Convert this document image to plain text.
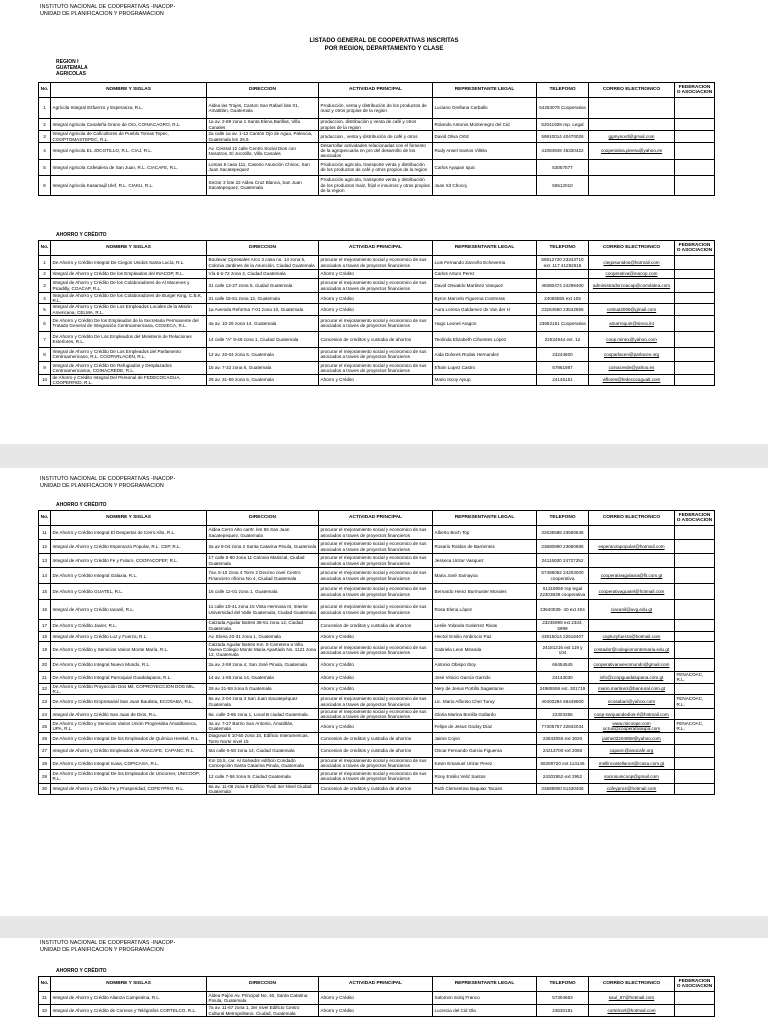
INSTITUTO NACIONAL DE COOPERATIVAS -INACOP-
UNIDAD DE PLANIFICACION Y PROGRAMACION
LISTADO GENERAL DE COOPERATIVAS INSCRITAS
POR REGION, DEPARTAMENTO Y CLASE
REGION I
GUATEMALA
AGRICOLAS
No.	NOMBRE Y SIGLAS	DIRECCION	ACTIVIDAD PRINCIPAL	REPRESENTANTE LEGAL	TELEFONO	CORREO ELECTRONICO	FEDERACION O ASOCIACION
1	Agrícola Integral Esfuerzo y Esperanza, R.L.	Aldea las Trojes, Canton San Rafael lote 01, Amatitlán, Guatemala	Producción, venta y distribución de los productos de maiz y otros propios de la region	Luciano Orellana Carballo	54283078 Cooperativa		
2	Integral Agricola Canaleña Grano de Oro, COINACAGRO, R.L.	1a av. 2-89 zona 1 Santa Elena Barillas, Villa Canales	produccion, distribución y venta de café y otros propios de la region	Rolando Antonio Montenegro del Cid	52041928 rep. Legal		
3	Integral Agricola de Caficultores de Pueblo Tomas Tepec, COOPTOMASTEPEC, R.L.	2a calle 1a av. 1-12 Cantón Ojo de Agua, Palencia, Guatemala km 26.5	produccion , venta y distribución de café y otros	David Oliva Ortiz	59910014 40470026	ggmynord@gmail.com	
4	Integral Agricola EL JOCOTILLO, R.L. CIAJ, R.L.	Av. Central 12 calle Centro Social Dios con Nosotros, El Jocotillo, Villa Canales	Desarrollar actividades relacionadas con el fomento de la agropecuaria en pro del desarrollo de los asociados	Rudy Ansel Santos Villela	41084849 45330422	cooperativa.pinera@yahoo.es	
5	Integral Agricola Cafetalera de San Juan, R.L. CIACAFE, R.L.	Lomas 8 casa 111, Caserio Asunción Chivoc, San Juan Sacatepequez	Producción agricola, transporte venta y distribución de los productos de café y otros propios de la region	Carlos Ayapan Iquic	53057577		
6	Integral Agricola Kasamajil Ulef, R.L. CIAKU, R.L.	Sector 3 lote 22 Aldea Cruz Blanca, San Juan Sacatepequez, Guatemala	Producción agricola, transporte venta y distribución de los productos maiz, frijol e insumos y otros propios de la region	Juan Xit Chocoj	55512010		
AHORRO Y CRÉDITO
No.	NOMBRE Y SIGLAS	DIRECCION	ACTIVIDAD PRINCIPAL	REPRESENTANTE LEGAL	TELEFONO	CORREO ELECTRONICO	FEDERACION O ASOCIACION
1	De Ahorro y Crédito Integral De Ciegos Unidos Santa Lucía, R.L.	Boulevar Cipresales Arco 3 casa no. 14 zona 5, Colonia Jardines de la Asunción, Ciudad Guatemala	procurar el mejoramiento social y economico de sus asociados a traves de proyectos financieros	Luis Fernando Zarceño Echeverria	55912720 23343710 ext. 117 41282616	ciegosunidos@hotmail.com	
2	Integral de Ahorro y Crédito De los Empleados del INACOP, R.L.	Vía 6 6-72 zona 4, Ciudad Guatemala	Ahorro y Crédito	Carlos Arturo Perez		cooperativa@inacop.com	
3	Integral de Ahorro y Crédito De los Colaboradores de Al Macenes y Picadilly, COACAP, R.L.	31 calle 13-27 zona 5, ciudad Guatemala	procurar el mejoramiento social y economico de sus asociados a traves de proyectos financieros	David Oswaldo Martinez Vasquez	48380474 24296400	administradorcoacap@comdalea.com	
4	Integral de Ahorro y Crédito De los Colaboradores de Burger King, C.B.K, R.L.	31 calle 15-51 zona 12, Guatemala	Ahorro y Crédito	Byron Marcelo Figueroa Contreras	24055555 ext 106		
5	Integral de Ahorro y Crédito De Los Empleados Locales de la Misión Americana, CELMA, R.L.	1a Avenida Reforma 7-01 zona 10, Guatemala	Ahorro y Crédito	Aura Lorena Galdamez de Van der H	23264560 23542855	celmat2008@gmail.com	
6	De Ahorro y Crédito De los Empleados de la Secretaria Permanente del Tratado General de Integración Centroamericana, COSIECA, R.L.	4a av. 10-25 zona 14, Guatemala	procurar el mejoramiento social y economico de sus asociados a traves de proyectos financieros	Hugo Leonel Aragon	23682151 Cooperativa	amarroquin@sieca.int	
7	De Ahorro y Crédito De Los Empleados del Ministerio de Relaciones Exteriores, R.L.	14 calle "A" 9-49 zona 1, Ciudad Guatemala	Concesion de creditos y custodia de ahorros	Teolinda Elizabeth Cifuentes López	22534944 ext. 12	coop.minex@yahoo.com	
8	Integral de Ahorro y Crédito De Los Empleados del Parlamento Centroamericano, R.L. COOPARLACEN, R.L.	12 av. 33-04 zona 5, Guatemala	procurar el mejoramiento social y economico de sus asociados a traves de proyectos financieros	Aida Dolores Rodas Hernandez	24244600	cooparlacen@parlacen.org	
9	Integral de Ahorro y Crédito De Refugiados y Desplazados Centroamericanos, COINACREDE, R.L.	15 av. 7-32 zona 6, Guatemala	procurar el mejoramiento social y economico de sus asociados a traves de proyectos financieros	Efrain Lopez Castro	57961987	coinacrede@yahoo.es	
10	de Ahorro y Crédito Integral Del Personal de FEDECOCAGUA, COOPERFED, R.L.	29 av. 31-59 zona 5, Guatemala	Ahorro y Crédito	Mario Iscoy Ajsup	24145151	wflores@fedecocaguatl.com	
INSTITUTO NACIONAL DE COOPERATIVAS -INACOP-
UNIDAD DE PLANIFICACION Y PROGRAMACION
AHORRO Y CRÉDITO
No.	NOMBRE Y SIGLAS	DIRECCION	ACTIVIDAD PRINCIPAL	REPRESENTANTE LEGAL	TELEFONO	CORREO ELECTRONICO	FEDERACION O ASOCIACION
11	De Ahorro y Crédito Integral El Despertar de Cerro Alto, R.L.	Aldea Cerro Alto carrtr. km 55 San Juan Sacatepequez, Guatemala	procurar el mejoramiento social y economico de sus asociados a traves de proyectos financieros	Alberto Boch Top	32635586 23580846		
12	Integral de Ahorro y Crédito Esperanza Popular, R.L. CEP, R.L.	3a av 9-04 zona 2 Santa Catarina Pinula, Guatemala	procurar el mejoramiento social y economico de sus asociados a traves de proyectos financieros	Rosario Roldan de Barrientos	23680890 23680885	esperanzapopular@hotmail.com	
13	Integral de Ahorro y Crédito Fe y Futuro, COOFACOFEF, R.L.	17 calle 5-90 zona 11 Colonia Mariscal, Ciudad Guatemala	procurar el mejoramiento social y economico de sus asociados a traves de proyectos financieros	Jesseca Urizar Vasquez	24115000 24727252		
14	De Ahorro y Crédito Integral Galaxia, R.L.	7av. 5-10 zona 4 Torre 2 Decimo nivel Centro Financiero oficina No 4, Ciudad Guatemala	procurar el mejoramiento social y economico de sus asociados a traves de proyectos financieros	Maria José Samayoa	57488092 24203000 cooperativa	cooperativagalaxia@fit.com.gt	
15	De Ahorro y Crédito GUATEL, R.L.	16 calle 12-01 zona 1, Guatemala	procurar el mejoramiento social y economico de sus asociados a traves de proyectos financieros	Bernardo Heinz Burmuster Morales	51319050 rep legal 22303839 cooperativa	cooperativaguatel@hotmail.com	
16	Integral de Ahorro y Crédito Iacanil, R.L.	11 calle 10-41 zona 15 Vista Hermosa III, Interior Universidad del Valle Guatemala, Ciudad Guatemala	procurar el mejoramiento social y economico de sus asociados a traves de proyectos financieros	Rosa Elena López	23640036- 40 ext 404	ciacanil@uvg.edu.gt	
17	De Ahorro y Crédito Javier, R.L.	Calzada Aguilar Batres 38-51 zona 12, Ciudad Guatemala.	Concesion de creditos y custodia de ahorros	Leslie Yolanda Gutierrez Rivas	23245999 ext 2334, 5999		
18	Integral de Ahorro y Crédito Luz y Fuerza, R.L.	Av. Elena 20-31 zona 1, Guatemala	Ahorro y Crédito	Hector Emilio Ambrocio Paz	43915014 22516407	copluzyfuerza@hotmail.com	
19	De Ahorro y Crédito y Servicios Varios Monte María, R.L.	Calzada Aguilar Batres Km. 9 Carretera a Villa Nueva Colegio Monte Maria Apartado No. 1121 zona 12, Guatemala	procurar el mejoramiento social y economico de sus asociados a traves de proyectos financieros	Gabriela Leon Miranda	24181216 ext 119 y 104	contador@colegiomontemaria.edu.gt	
20	De Ahorro y Crédito Integral Nuevo Mundo, R.L.	2a av. 2-59 zona 4, San José Pinula, Guatemala	Ahorro y Crédito	Antonio Obispo Iboy	66454545	cooperativanuevomundo@gmail.com	
21	De Ahorro y Crédito Integral Parroquial Guadalupana, R.L.	14 av. 1-65 zona 14, Guatemala	Ahorro y Crédito	José Vinicio García Garrido	24143030	info@coopguadalupana.com.gt	FENACOAC, R.L.
22	De Ahorro y Crédito Proyección Dos Mil, COPROYECCION DOS MIL, R.L.	29 av 31-59 zona 5 Guatemala	Ahorro y Crédito	Nery de Jesus Portillo Sagastume	24985558 ext. 301719	mario.martinez@banrural.com.gt	
23	De Ahorro y Crédito Empresarial San Juan Bautista, ECOSABA, R.L.	8a av. 2-04 zona 3 San Juan Sacatepéquez Guatemala	procurar el mejoramiento social y economico de sus asociados a traves de proyectos financieros	Lic. Mario Alfonso Chet Turuy	40400294 66449500	ecosabari@yahoo.com	FENACOAC, R.L.
24	Integral de Ahorro y Crédito San Juan de Dios, R.L.	8a. calle 3-66 zona 1, Local B ciudad Guatemala.	procurar el mejoramiento social y economico de sus asociados a traves de proyectos financieros	Gloria Marina Bonilla Gallardo	22303356	coop-sanjuandedios-rl@hotmail.com	
25	De Ahorro y Crédito y Servicios Varios Unión Progresista Amatitlaneca, UPA, R.L.	3a av. 7-27 Barrio San Antonio, Amatitlán, Guatemala	Ahorro y Crédito	Felipe de Jesus Godoy Díaz	77305757 22842034	www.micoope.com ocrus@cooperativaupa.com	FENACOAC, R.L.
26	De Ahorro y Crédito Integral De los Empleados de Química Henkel, R.L.	Diagonal 6 10-50 zona 10, Edificio Interamericas. Torre Norte nivel 15	Concesion de creditos y custodia de ahorros	Jaime Cojon	23843050 ext 3020	jaime02204858@yahoo.com	
27	Integral de Ahorro y Crédito Empleados de ANACAFE, CAPANC, R.L.	5ta calle 5-50 zona 14, Ciudad Guatemala	Concesion de creditos y custodia de ahorros	Oscar Fernando Garcia Figueroa	24213700 ext 2066	capanc@anacafe.org	
28	De Ahorro y Crédito Integral Icasa, COPICASA, R.L.	Km 15.5, car. Al Salvador edificio Condado Concepción Santa Catarina Pinula, Guatemala	procurar el mejoramiento social y economico de sus asociados a traves de proyectos financieros	Kevin Emanuel Urizar Perez	66359720 ext 113146	mellincastellanos@icasa.com.gt	
29	De Ahorro y Crédito Integral De los Empleados de Unicomer, UNICOOP, R.L.	12 calle 7-56 zona 9, Ciudad Guatemala	procurar el mejoramiento social y economico de sus asociados a traves de proyectos financieros	Rony Emilio Veliz Santos	24202952 ext 2952	sociosunicoop@gmail.com	
30	Integral de Ahorro y Crédito Fe y Prosperidad, COFEYPRO, R.L.	6a av. 11-08 zona 9 Edificio Tivoli 3er Nivel Ciudad Guatemala	Concesion de creditos y custodia de ahorros	Ruth Clementina Baquiax Tacaim	23689800 51430406	cofeypro4@hotmail.com	
INSTITUTO NACIONAL DE COOPERATIVAS -INACOP-
UNIDAD DE PLANIFICACION Y PROGRAMACION
AHORRO Y CRÉDITO
No.	NOMBRE Y SIGLAS	DIRECCION	ACTIVIDAD PRINCIPAL	REPRESENTANTE LEGAL	TELEFONO	CORREO ELECTRONICO	FEDERACION O ASOCIACION
31	Integral de Ahorro y Crédito Alianza Campesina, R.L.	Aldea Pajón Av. Principal No. 40, Santa Catarina Pinula, Guatemala	Ahorro y Crédito	Salomon Soloj Franco	57304663	saul_67@hotmail.com	
32	Integral de Ahorro y Crédito de Correos y Telégrafos CORTELCO, R.L.	7a av. 11-67 zona 1, 3er nivel Edificio Centro Cultural Metropolitano. Ciudad, Guatemala	Ahorro y Crédito	Lucrecia del Cid Ola	23630181	cortelcorl@hotmail.com	
